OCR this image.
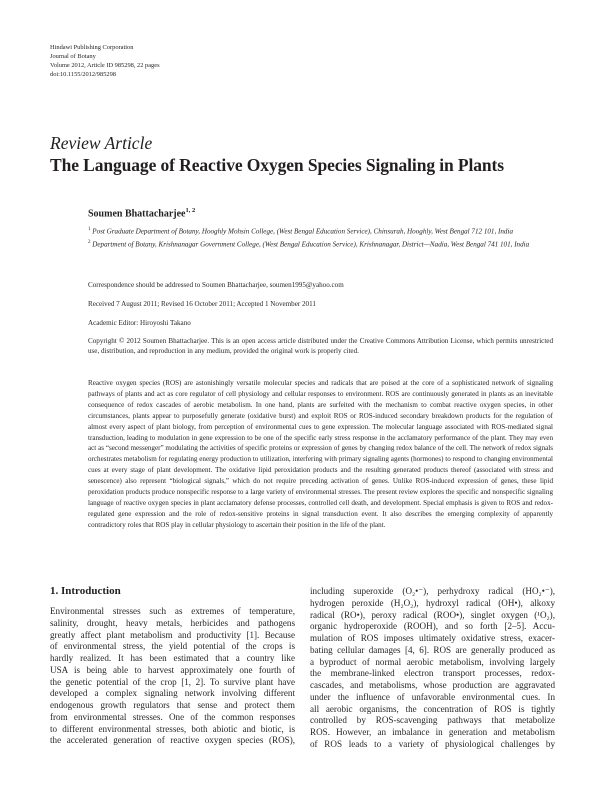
Hindawi Publishing Corporation
Journal of Botany
Volume 2012, Article ID 985298, 22 pages
doi:10.1155/2012/985298
Review Article
The Language of Reactive Oxygen Species Signaling in Plants
Soumen Bhattacharjee$^{1, 2}$
$^1$ Post Graduate Department of Botany, Hooghly Mohsin College, (West Bengal Education Service), Chinsurah, Hooghly, West Bengal 712 101, India
$^2$ Department of Botany, Krishnanagar Government College, (West Bengal Education Service), Krishnanagar, District—Nadia, West Bengal 741 101, India
Correspondence should be addressed to Soumen Bhattacharjee, soumen1995@yahoo.com
Received 7 August 2011; Revised 16 October 2011; Accepted 1 November 2011
Academic Editor: Hiroyoshi Takano
Copyright © 2012 Soumen Bhattacharjee. This is an open access article distributed under the Creative Commons Attribution License, which permits unrestricted use, distribution, and reproduction in any medium, provided the original work is properly cited.
Reactive oxygen species (ROS) are astonishingly versatile molecular species and radicals that are poised at the core of a sophisticated network of signaling pathways of plants and act as core regulator of cell physiology and cellular responses to environment. ROS are continuously generated in plants as an inevitable consequence of redox cascades of aerobic metabolism. In one hand, plants are surfeited with the mechanism to combat reactive oxygen species, in other circumstances, plants appear to purposefully generate (oxidative burst) and exploit ROS or ROS-induced secondary breakdown products for the regulation of almost every aspect of plant biology, from perception of environmental cues to gene expression. The molecular language associated with ROS-mediated signal transduction, leading to modulation in gene expression to be one of the specific early stress response in the acclamatory performance of the plant. They may even act as “second messenger” modulating the activities of specific proteins or expression of genes by changing redox balance of the cell. The network of redox signals orchestrates metabolism for regulating energy production to utilization, interfering with primary signaling agents (hormones) to respond to changing environmental cues at every stage of plant development. The oxidative lipid peroxidation products and the resulting generated products thereof (associated with stress and senescence) also represent “biological signals,” which do not require preceding activation of genes. Unlike ROS-induced expression of genes, these lipid peroxidation products produce nonspecific response to a large variety of environmental stresses. The present review explores the specific and nonspecific signaling language of reactive oxygen species in plant acclamatory defense processes, controlled cell death, and development. Special emphasis is given to ROS and redox-regulated gene expression and the role of redox-sensitive proteins in signal transduction event. It also describes the emerging complexity of apparently contradictory roles that ROS play in cellular physiology to ascertain their position in the life of the plant.
1. Introduction
Environmental stresses such as extremes of temperature,
salinity, drought, heavy metals, herbicides and pathogens
greatly affect plant metabolism and productivity [1]. Because
of environmental stress, the yield potential of the crops is
hardly realized. It has been estimated that a country like
USA is being able to harvest approximately one fourth of
the genetic potential of the crop [1, 2]. To survive plant have
developed a complex signaling network involving different
endogenous growth regulators that sense and protect them
from environmental stresses. One of the common responses
to different environmental stresses, both abiotic and biotic, is
the accelerated generation of reactive oxygen species (ROS),
including superoxide (O₂•⁻), perhydroxy radical (HO₂•⁻),
hydrogen peroxide (H₂O₂), hydroxyl radical (OH•), alkoxy
radical (RO•), peroxy radical (ROO•), singlet oxygen (¹O₂),
organic hydroperoxide (ROOH), and so forth [2–5]. Accu-
mulation of ROS imposes ultimately oxidative stress, exacer-
bating cellular damages [4, 6]. ROS are generally produced as
a byproduct of normal aerobic metabolism, involving largely
the membrane-linked electron transport processes, redox-
cascades, and metabolisms, whose production are aggravated
under the influence of unfavorable environmental cues. In
all aerobic organisms, the concentration of ROS is tightly
controlled by ROS-scavenging pathways that metabolize
ROS. However, an imbalance in generation and metabolism
of ROS leads to a variety of physiological challenges by
